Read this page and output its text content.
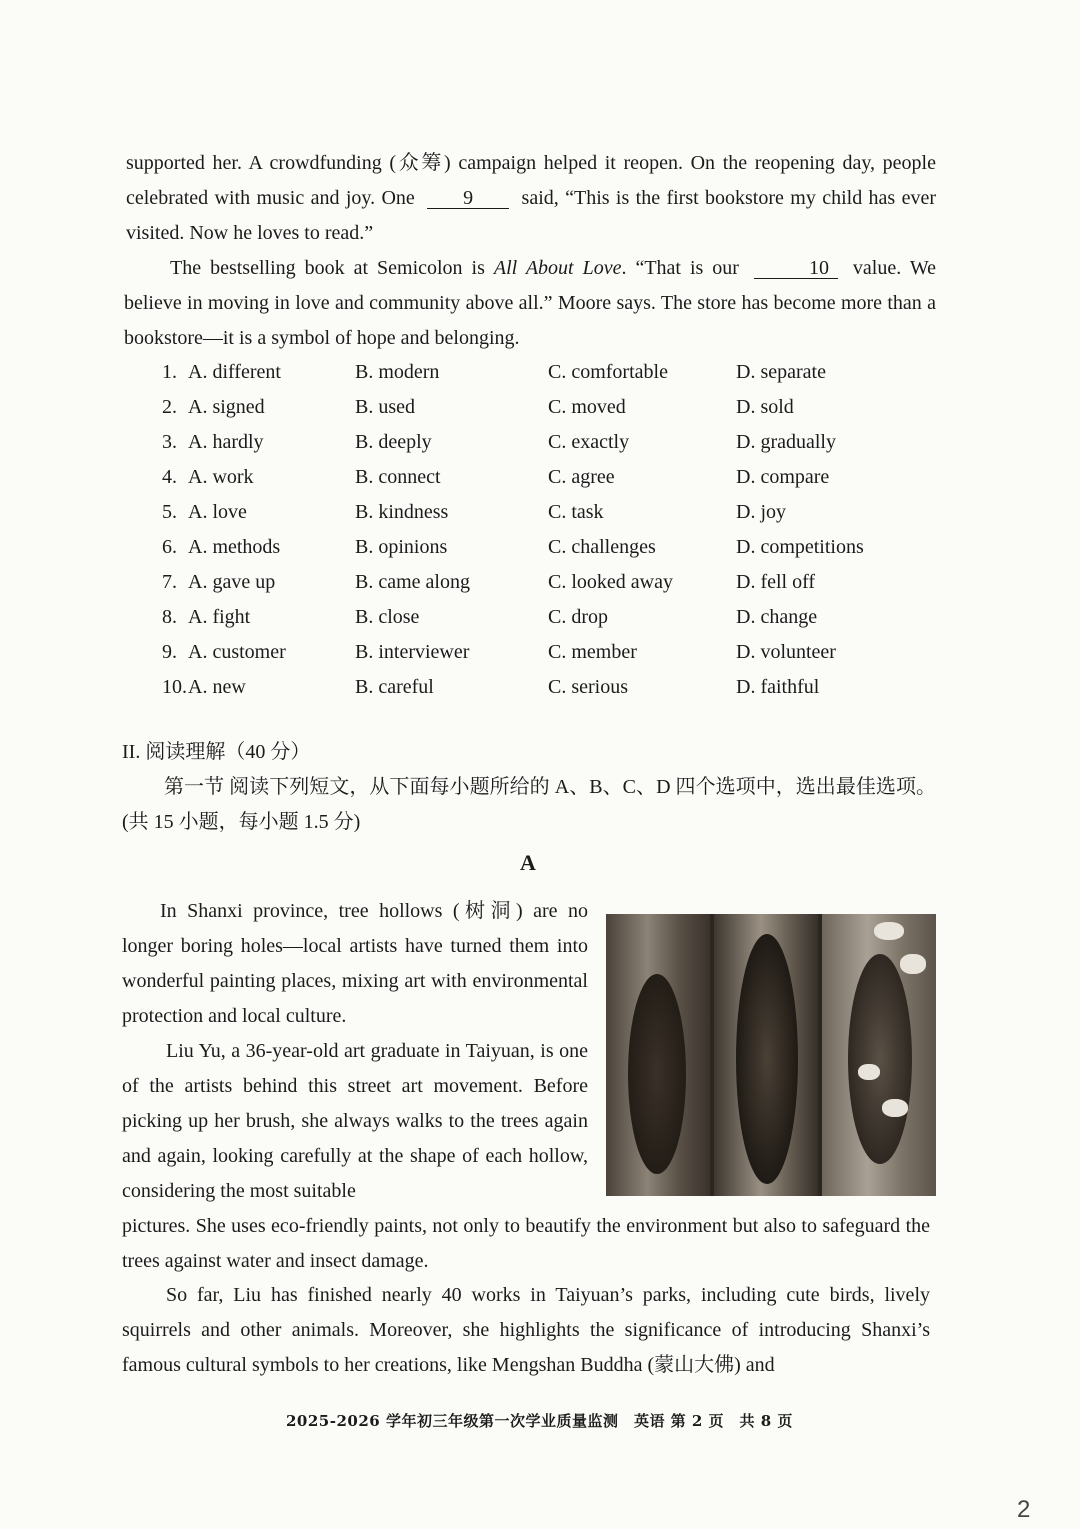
supported her. A crowdfunding (众筹) campaign helped it reopen. On the reopening day, people celebrated with music and joy. One 9 said, “This is the first bookstore my child has ever visited. Now he loves to read.”

The bestselling book at Semicolon is All About Love. “That is our	10 value. We believe in moving in love and community above all.” Moore says. The store has become more than a bookstore—it is a symbol of hope and belonging.

1. A. different	B. modern	C. comfortable	D. separate
2. A. signed	B. used	C. moved	D. sold
3. A. hardly	B. deeply	C. exactly	D. gradually
4. A. work	B. connect	C. agree	D. compare
5. A. love	B. kindness	C. task	D. joy
6. A. methods	B. opinions	C. challenges	D. competitions
7. A. gave up	B. came along	C. looked away	D. fell off
8. A. fight	B. close	C. drop	D. change
9. A. customer	B. interviewer	C. member	D. volunteer
10. A. new	B. careful	C. serious	D. faithful
II. 阅读理解（40 分）

第一节 阅读下列短文，从下面每小题所给的 A、B、C、D 四个选项中，选出最佳选项。(共 15 小题，每小题 1.5 分)

A

In Shanxi province, tree hollows (树洞) are no longer boring holes—local artists have turned them into wonderful painting places, mixing art with environmental protection and local culture.

Liu Yu, a 36-year-old art graduate in Taiyuan, is one of the artists behind this street art movement. Before picking up her brush, she always walks to the trees again and again, looking carefully at the shape of each hollow, considering the most suitable

pictures. She uses eco-friendly paints, not only to beautify the environment but also to safeguard the trees against water and insect damage.

So far, Liu has finished nearly 40 works in Taiyuan’s parks, including cute birds, lively squirrels and other animals. Moreover, she highlights the significance of introducing Shanxi’s famous cultural symbols to her creations, like Mengshan Buddha (蒙山大佛) and

2025-2026 学年初三年级第一次学业质量监测　英语 第 2 页　共 8 页
2
